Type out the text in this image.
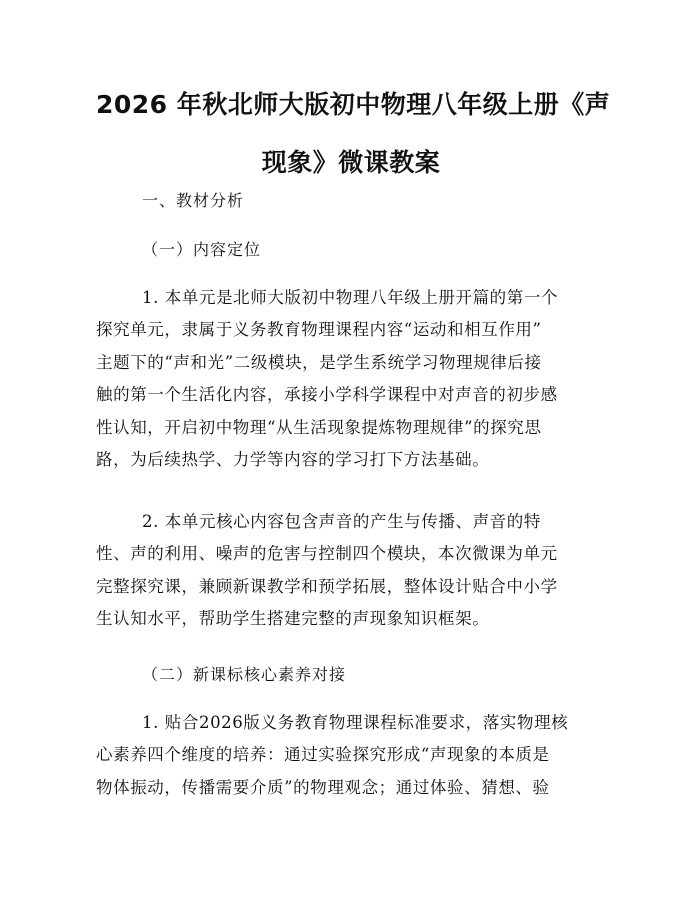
2026 年秋北师大版初中物理八年级上册《声
现象》微课教案

一、教材分析

（一）内容定位

1. 本单元是北师大版初中物理八年级上册开篇的第一个
探究单元，隶属于义务教育物理课程内容“运动和相互作用”
主题下的“声和光”二级模块，是学生系统学习物理规律后接
触的第一个生活化内容，承接小学科学课程中对声音的初步感
性认知，开启初中物理“从生活现象提炼物理规律”的探究思
路，为后续热学、力学等内容的学习打下方法基础。
2. 本单元核心内容包含声音的产生与传播、声音的特
性、声的利用、噪声的危害与控制四个模块，本次微课为单元
完整探究课，兼顾新课教学和预学拓展，整体设计贴合中小学
生认知水平，帮助学生搭建完整的声现象知识框架。

（二）新课标核心素养对接

1. 贴合2026版义务教育物理课程标准要求，落实物理核
心素养四个维度的培养：通过实验探究形成“声现象的本质是
物体振动，传播需要介质”的物理观念；通过体验、猜想、验
